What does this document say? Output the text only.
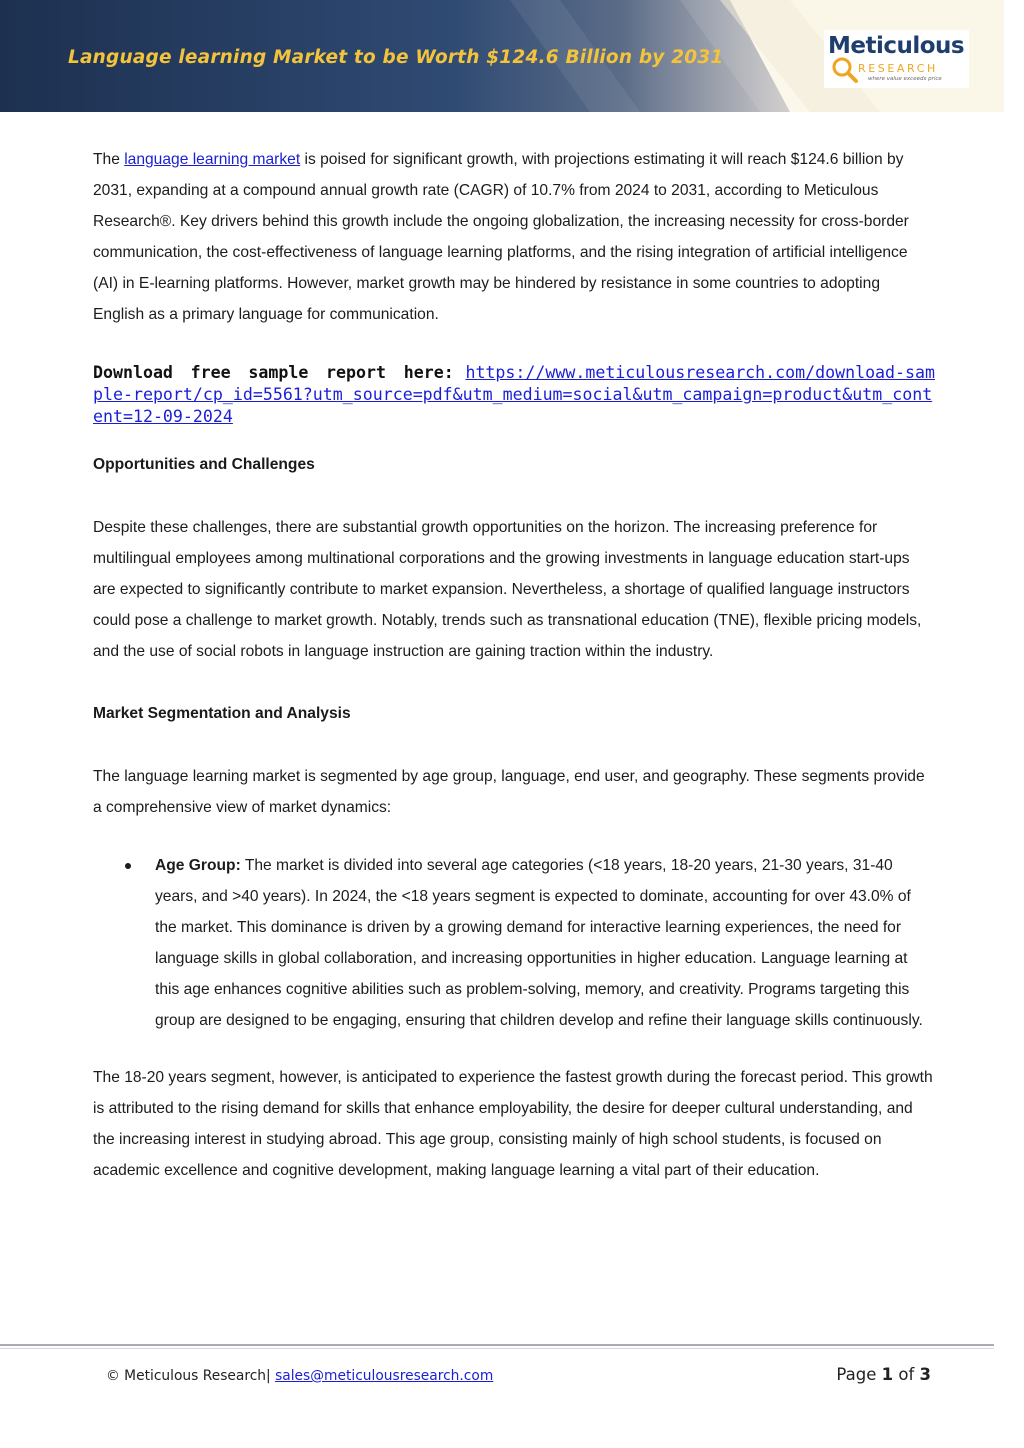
Language learning Market to be Worth $124.6 Billion by 2031	Meticulous
RESEARCH
where value exceeds price

The language learning market is poised for significant growth, with projections estimating it will reach $124.6 billion by 2031, expanding at a compound annual growth rate (CAGR) of 10.7% from 2024 to 2031, according to Meticulous Research®. Key drivers behind this growth include the ongoing globalization, the increasing necessity for cross-border communication, the cost-effectiveness of language learning platforms, and the rising integration of artificial intelligence (AI) in E-learning platforms. However, market growth may be hindered by resistance in some countries to adopting English as a primary language for communication.

Download free sample report here: https://www.meticulousresearch.com/download-sample-report/cp_id=5561?utm_source=pdf&utm_medium=social&utm_campaign=product&utm_content=12-09-2024
Opportunities and Challenges

Despite these challenges, there are substantial growth opportunities on the horizon. The increasing preference for multilingual employees among multinational corporations and the growing investments in language education start-ups are expected to significantly contribute to market expansion. Nevertheless, a shortage of qualified language instructors could pose a challenge to market growth. Notably, trends such as transnational education (TNE), flexible pricing models, and the use of social robots in language instruction are gaining traction within the industry.

Market Segmentation and Analysis

The language learning market is segmented by age group, language, end user, and geography. These segments provide a comprehensive view of market dynamics:

Age Group: The market is divided into several age categories (<18 years, 18-20 years, 21-30 years, 31-40 years, and >40 years). In 2024, the <18 years segment is expected to dominate, accounting for over 43.0% of the market. This dominance is driven by a growing demand for interactive learning experiences, the need for language skills in global collaboration, and increasing opportunities in higher education. Language learning at this age enhances cognitive abilities such as problem-solving, memory, and creativity. Programs targeting this group are designed to be engaging, ensuring that children develop and refine their language skills continuously.

The 18-20 years segment, however, is anticipated to experience the fastest growth during the forecast period. This growth is attributed to the rising demand for skills that enhance employability, the desire for deeper cultural understanding, and the increasing interest in studying abroad. This age group, consisting mainly of high school students, is focused on academic excellence and cognitive development, making language learning a vital part of their education.

© Meticulous Research| sales@meticulousresearch.com	Page 1 of 3
